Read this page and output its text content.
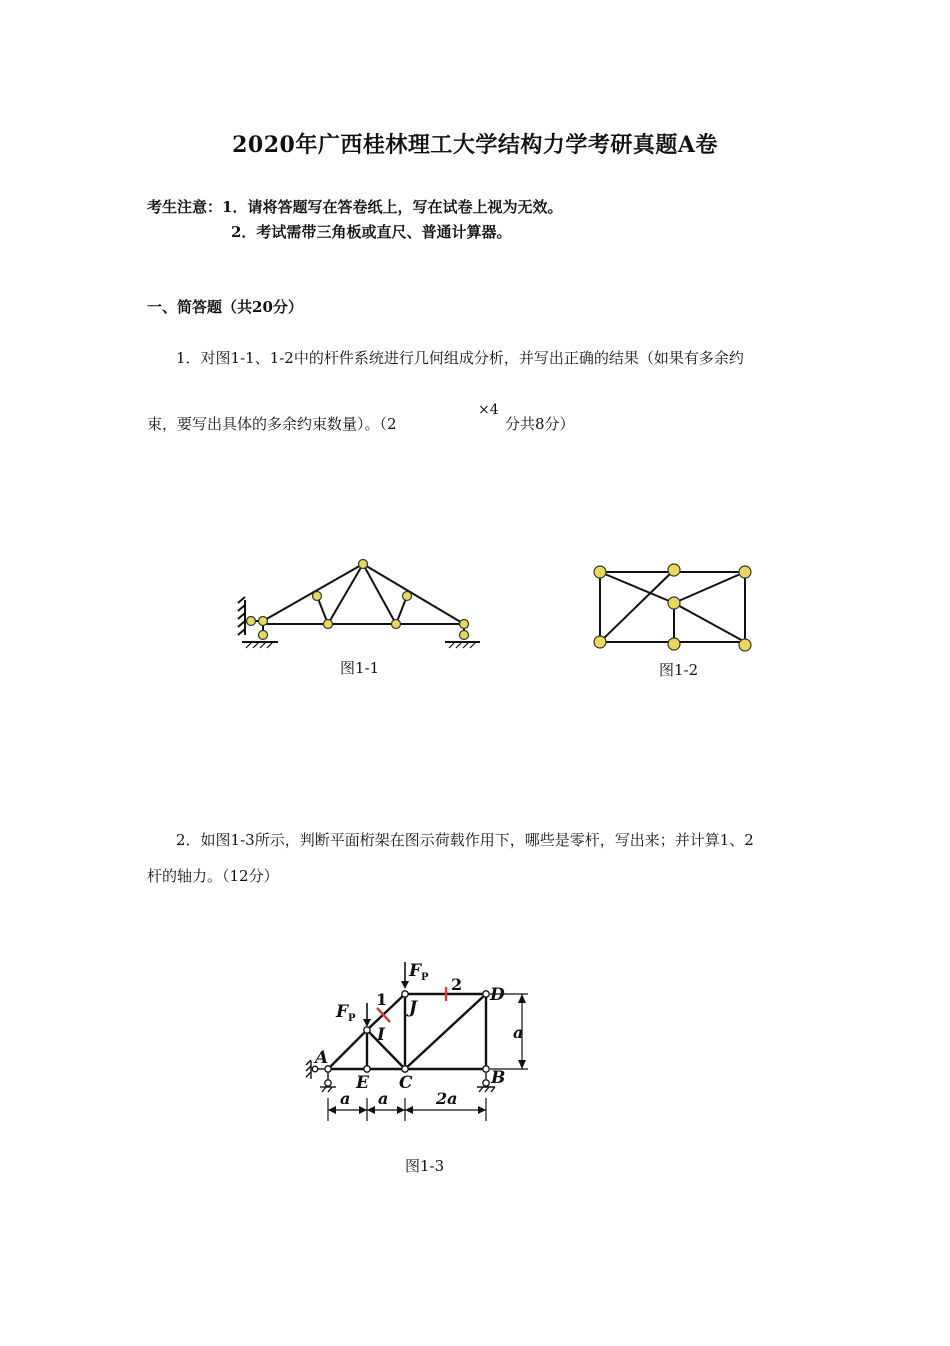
2020年广西桂林理工大学结构力学考研真题A卷
考生注意：1．请将答题写在答卷纸上，写在试卷上视为无效。
2．考试需带三角板或直尺、普通计算器。
一、简答题（共20分）
1．对图1-1、1-2中的杆件系统进行几何组成分析，并写出正确的结果（如果有多余约
束，要写出具体的多余约束数量）。（2
×4
分共8分）
图1-1	图1-2
2．如图1-3所示，判断平面桁架在图示荷载作用下，哪些是零杆，写出来；并计算1、2
杆的轴力。（12分）
A
B
C
D
E
I
J
F
F
a
a a	2a
P
P
1
2
图1-3
